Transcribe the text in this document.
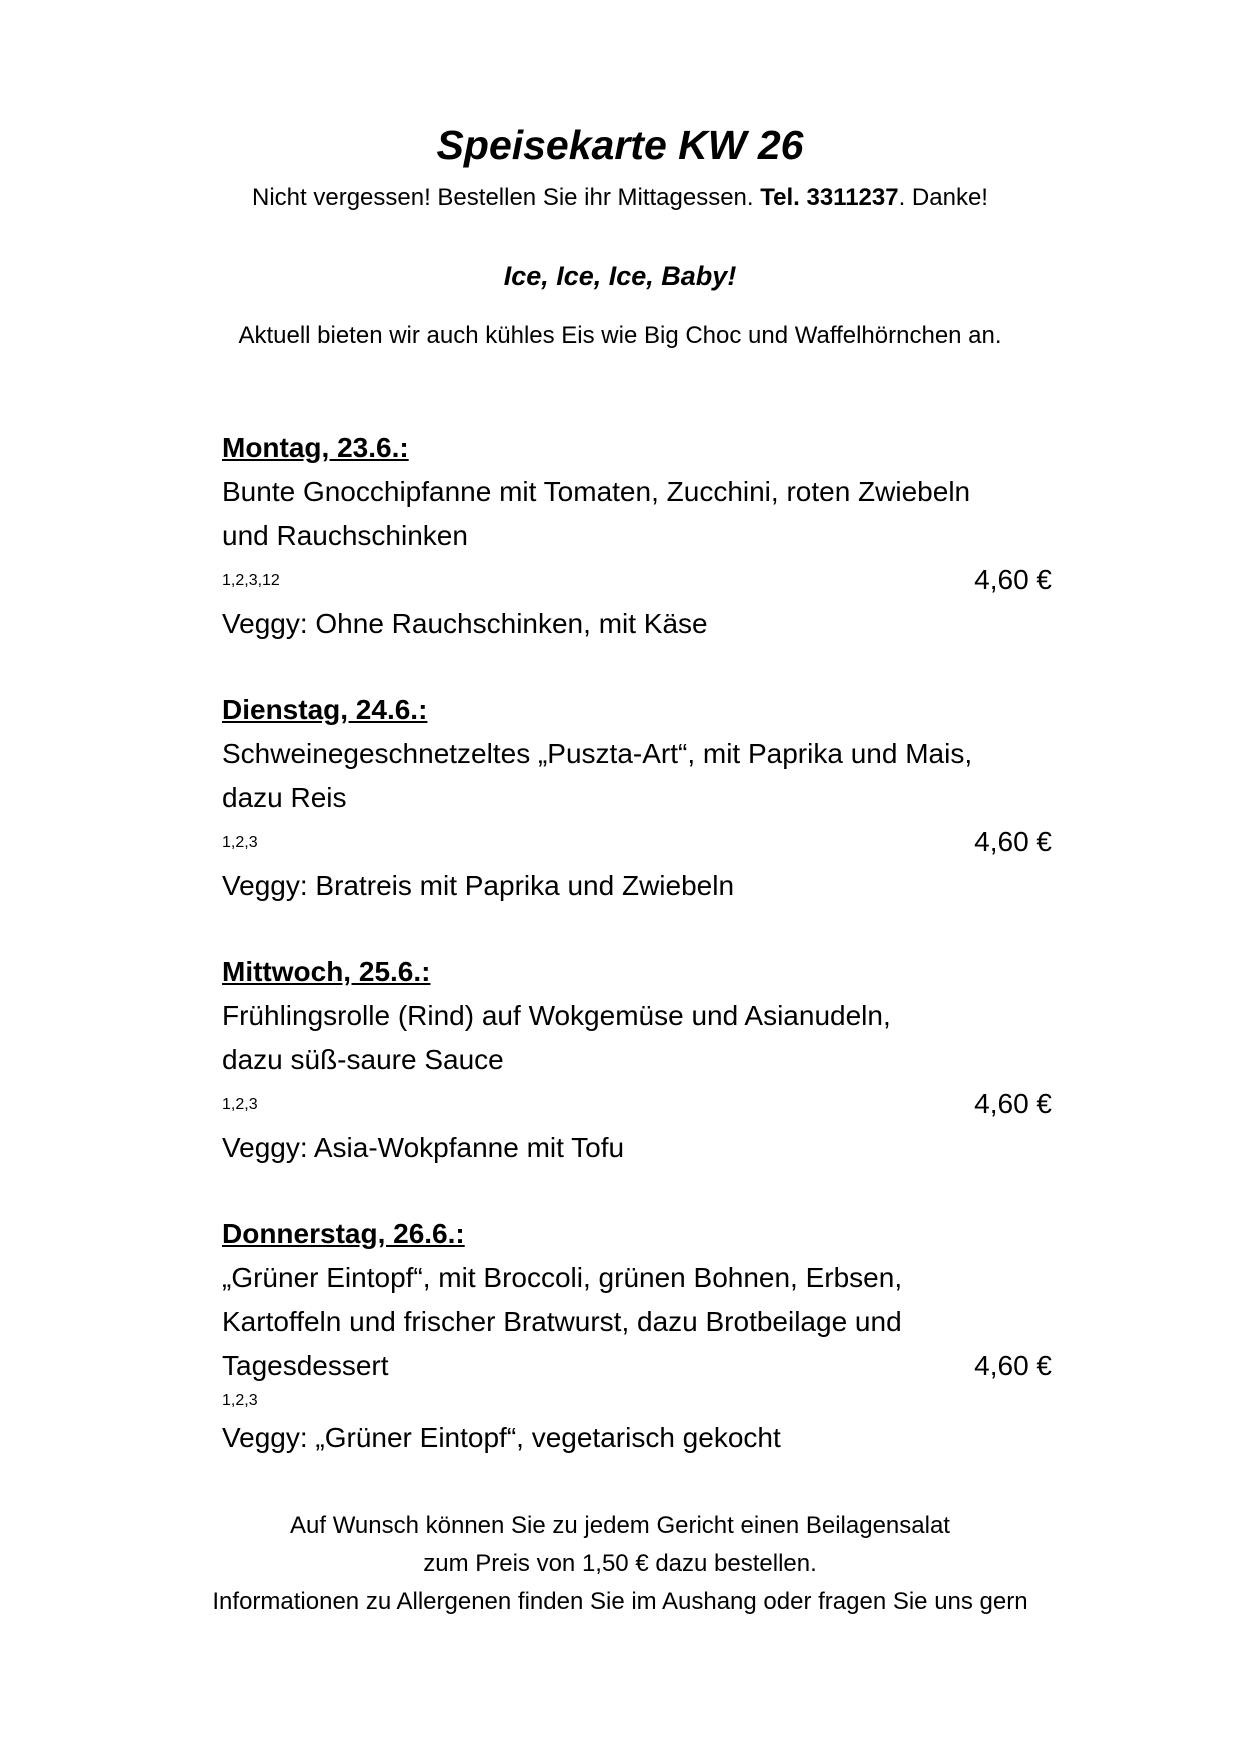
Speisekarte KW 26
Nicht vergessen! Bestellen Sie ihr Mittagessen. Tel. 3311237. Danke!
Ice, Ice, Ice, Baby!
Aktuell bieten wir auch kühles Eis wie Big Choc und Waffelhörnchen an.
Montag, 23.6.:
Bunte Gnocchipfanne mit Tomaten, Zucchini, roten Zwiebeln
und Rauchschinken
1,2,3,12	4,60 €
Veggy: Ohne Rauchschinken, mit Käse
Dienstag, 24.6.:
Schweinegeschnetzeltes „Puszta-Art“, mit Paprika und Mais,
dazu Reis
1,2,3	4,60 €
Veggy: Bratreis mit Paprika und Zwiebeln
Mittwoch, 25.6.:
Frühlingsrolle (Rind) auf Wokgemüse und Asianudeln,
dazu süß-saure Sauce
1,2,3	4,60 €
Veggy: Asia-Wokpfanne mit Tofu
Donnerstag, 26.6.:
„Grüner Eintopf“, mit Broccoli, grünen Bohnen, Erbsen,
Kartoffeln und frischer Bratwurst, dazu Brotbeilage und
Tagesdessert	4,60 €
1,2,3
Veggy: „Grüner Eintopf“, vegetarisch gekocht
Auf Wunsch können Sie zu jedem Gericht einen Beilagensalat
zum Preis von 1,50 € dazu bestellen.
Informationen zu Allergenen finden Sie im Aushang oder fragen Sie uns gern
